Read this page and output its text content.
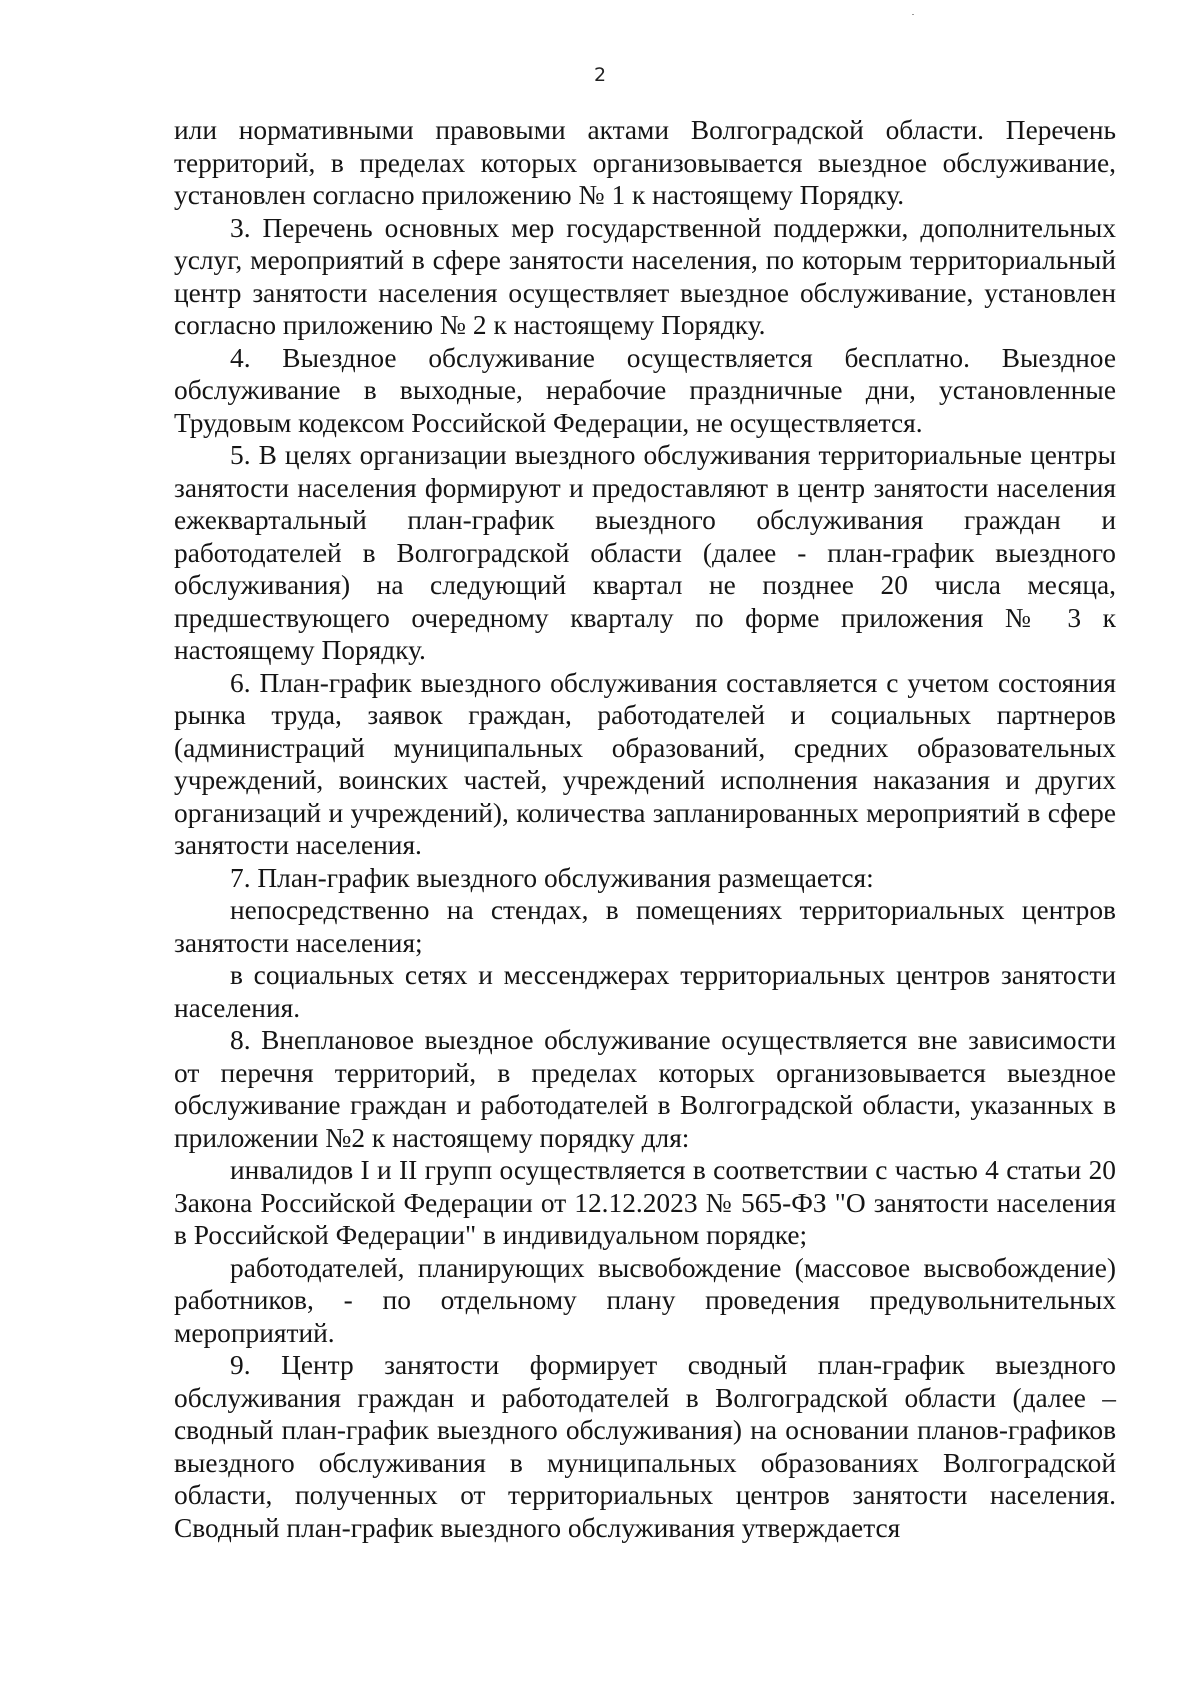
2

или нормативными правовыми актами Волгоградской области. Перечень территорий, в пределах которых организовывается выездное обслуживание, установлен согласно приложению № 1 к настоящему Порядку.

3. Перечень основных мер государственной поддержки, дополнительных услуг, мероприятий в сфере занятости населения, по которым территориальный центр занятости населения осуществляет выездное обслуживание, установлен согласно приложению № 2 к настоящему Порядку.

4. Выездное обслуживание осуществляется бесплатно. Выездное обслуживание в выходные, нерабочие праздничные дни, установленные Трудовым кодексом Российской Федерации, не осуществляется.

5. В целях организации выездного обслуживания территориальные центры занятости населения формируют и предоставляют в центр занятости населения ежеквартальный план-график выездного обслуживания граждан и работодателей в Волгоградской области (далее - план-график выездного обслуживания) на следующий квартал не позднее 20 числа месяца, предшествующего очередному кварталу по форме приложения № 3 к настоящему Порядку.

6. План-график выездного обслуживания составляется с учетом состояния рынка труда, заявок граждан, работодателей и социальных партнеров (администраций муниципальных образований, средних образовательных учреждений, воинских частей, учреждений исполнения наказания и других организаций и учреждений), количества запланированных мероприятий в сфере занятости населения.

7. План-график выездного обслуживания размещается:

непосредственно на стендах, в помещениях территориальных центров занятости населения;

в социальных сетях и мессенджерах территориальных центров занятости населения.

8. Внеплановое выездное обслуживание осуществляется вне зависимости от перечня территорий, в пределах которых организовывается выездное обслуживание граждан и работодателей в Волгоградской области, указанных в приложении №2 к настоящему порядку для:

инвалидов I и II групп осуществляется в соответствии с частью 4 статьи 20 Закона Российской Федерации от 12.12.2023 № 565-ФЗ "О занятости населения в Российской Федерации" в индивидуальном порядке;

работодателей, планирующих высвобождение (массовое высвобождение) работников, - по отдельному плану проведения предувольнительных мероприятий.

9. Центр занятости формирует сводный план-график выездного обслуживания граждан и работодателей в Волгоградской области (далее – сводный план-график выездного обслуживания) на основании планов-графиков выездного обслуживания в муниципальных образованиях Волгоградской области, полученных от территориальных центров занятости населения. Сводный план-график выездного обслуживания утверждается
